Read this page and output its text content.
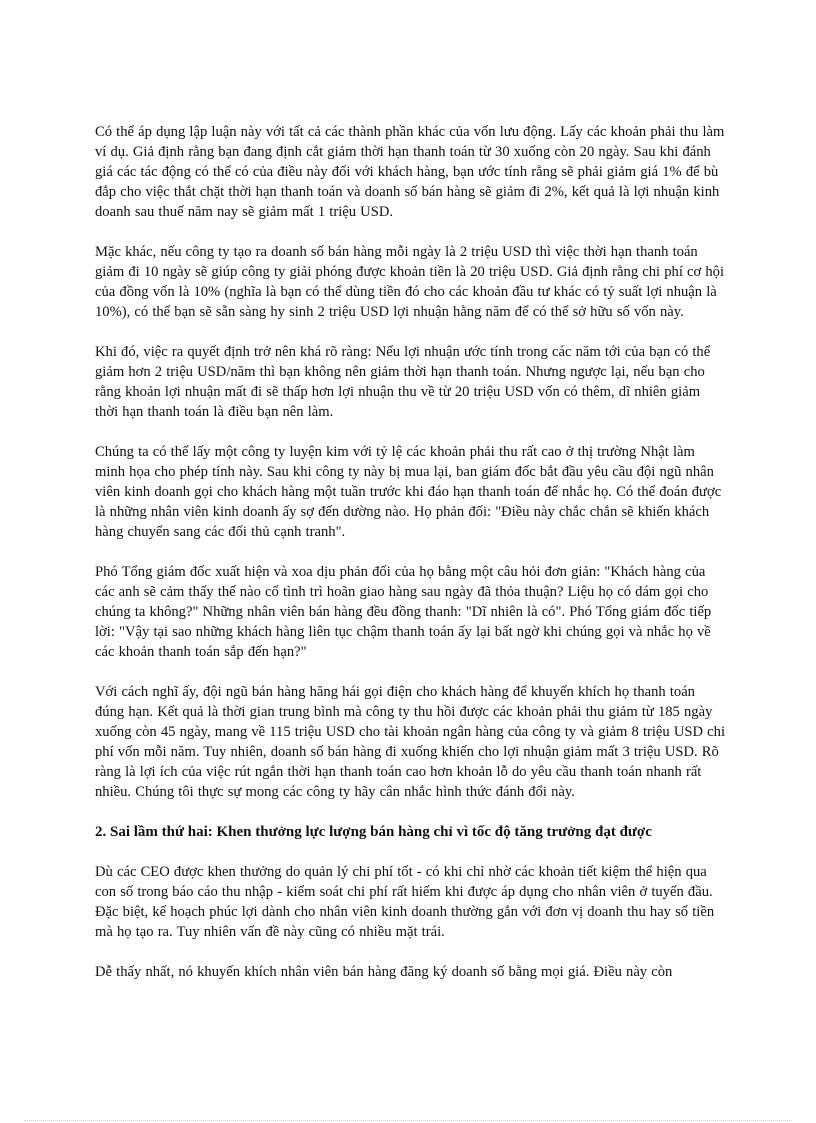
Có thể áp dụng lập luận này với tất cả các thành phần khác của vốn lưu động. Lấy các khoản phải thu làm ví dụ. Giả định rằng bạn đang định cắt giảm thời hạn thanh toán từ 30 xuống còn 20 ngày. Sau khi đánh giá các tác động có thể có của điều này đối với khách hàng, bạn ước tính rằng sẽ phải giảm giá 1% để bù đắp cho việc thắt chặt thời hạn thanh toán và doanh số bán hàng sẽ giảm đi 2%, kết quả là lợi nhuận kinh doanh sau thuế năm nay sẽ giảm mất 1 triệu USD.

Mặc khác, nếu công ty tạo ra doanh số bán hàng mỗi ngày là 2 triệu USD thì việc thời hạn thanh toán giảm đi 10 ngày sẽ giúp công ty giải phóng được khoản tiền là 20 triệu USD. Giả định rằng chi phí cơ hội của đồng vốn là 10% (nghĩa là bạn có thể dùng tiền đó cho các khoản đầu tư khác có tỷ suất lợi nhuận là 10%), có thể bạn sẽ sẵn sàng hy sinh 2 triệu USD lợi nhuận hằng năm để có thể sở hữu số vốn này.

Khi đó, việc ra quyết định trở nên khá rõ ràng: Nếu lợi nhuận ước tính trong các năm tới của bạn có thể giảm hơn 2 triệu USD/năm thì bạn không nên giảm thời hạn thanh toán. Nhưng ngược lại, nếu bạn cho rằng khoản lợi nhuận mất đi sẽ thấp hơn lợi nhuận thu về từ 20 triệu USD vốn có thêm, dĩ nhiên giảm thời hạn thanh toán là điều bạn nên làm.

Chúng ta có thể lấy một công ty luyện kim với tỷ lệ các khoản phải thu rất cao ở thị trường Nhật làm minh họa cho phép tính này. Sau khi công ty này bị mua lại, ban giám đốc bắt đầu yêu cầu đội ngũ nhân viên kinh doanh gọi cho khách hàng một tuần trước khi đáo hạn thanh toán để nhắc họ. Có thể đoán được là những nhân viên kinh doanh ấy sợ đến dường nào. Họ phản đối: "Điều này chắc chắn sẽ khiến khách hàng chuyển sang các đối thủ cạnh tranh".

Phó Tổng giám đốc xuất hiện và xoa dịu phản đối của họ bằng một câu hỏi đơn giản: "Khách hàng của các anh sẽ cảm thấy thế nào cố tình trì hoãn giao hàng sau ngày đã thỏa thuận? Liệu họ có dám gọi cho chúng ta không?" Những nhân viên bán hàng đều đồng thanh: "Dĩ nhiên là có". Phó Tổng giám đốc tiếp lời: "Vậy tại sao những khách hàng liên tục chậm thanh toán ấy lại bất ngờ khi chúng gọi và nhắc họ về các khoản thanh toán sắp đến hạn?"

Với cách nghĩ ấy, đội ngũ bán hàng hăng hái gọi điện cho khách hàng để khuyến khích họ thanh toán đúng hạn. Kết quả là thời gian trung bình mà công ty thu hồi được các khoản phải thu giảm từ 185 ngày xuống còn 45 ngày, mang về 115 triệu USD cho tài khoản ngân hàng của công ty và giảm 8 triệu USD chi phí vốn mỗi năm. Tuy nhiên, doanh số bán hàng đi xuống khiến cho lợi nhuận giảm mất 3 triệu USD. Rõ ràng là lợi ích của việc rút ngắn thời hạn thanh toán cao hơn khoản lỗ do yêu cầu thanh toán nhanh rất nhiều. Chúng tôi thực sự mong các công ty hãy cân nhắc hình thức đánh đổi này.

2. Sai lầm thứ hai: Khen thưởng lực lượng bán hàng chỉ vì tốc độ tăng trưởng đạt được

Dù các CEO được khen thưởng do quản lý chi phí tốt - có khi chỉ nhờ các khoản tiết kiệm thể hiện qua con số trong báo cáo thu nhập - kiểm soát chi phí rất hiếm khi được áp dụng cho nhân viên ở tuyến đầu. Đặc biệt, kế hoạch phúc lợi dành cho nhân viên kinh doanh thường gắn với đơn vị doanh thu hay số tiền mà họ tạo ra. Tuy nhiên vấn đề này cũng có nhiều mặt trái.

Dễ thấy nhất, nó khuyến khích nhân viên bán hàng đăng ký doanh số bằng mọi giá. Điều này còn
